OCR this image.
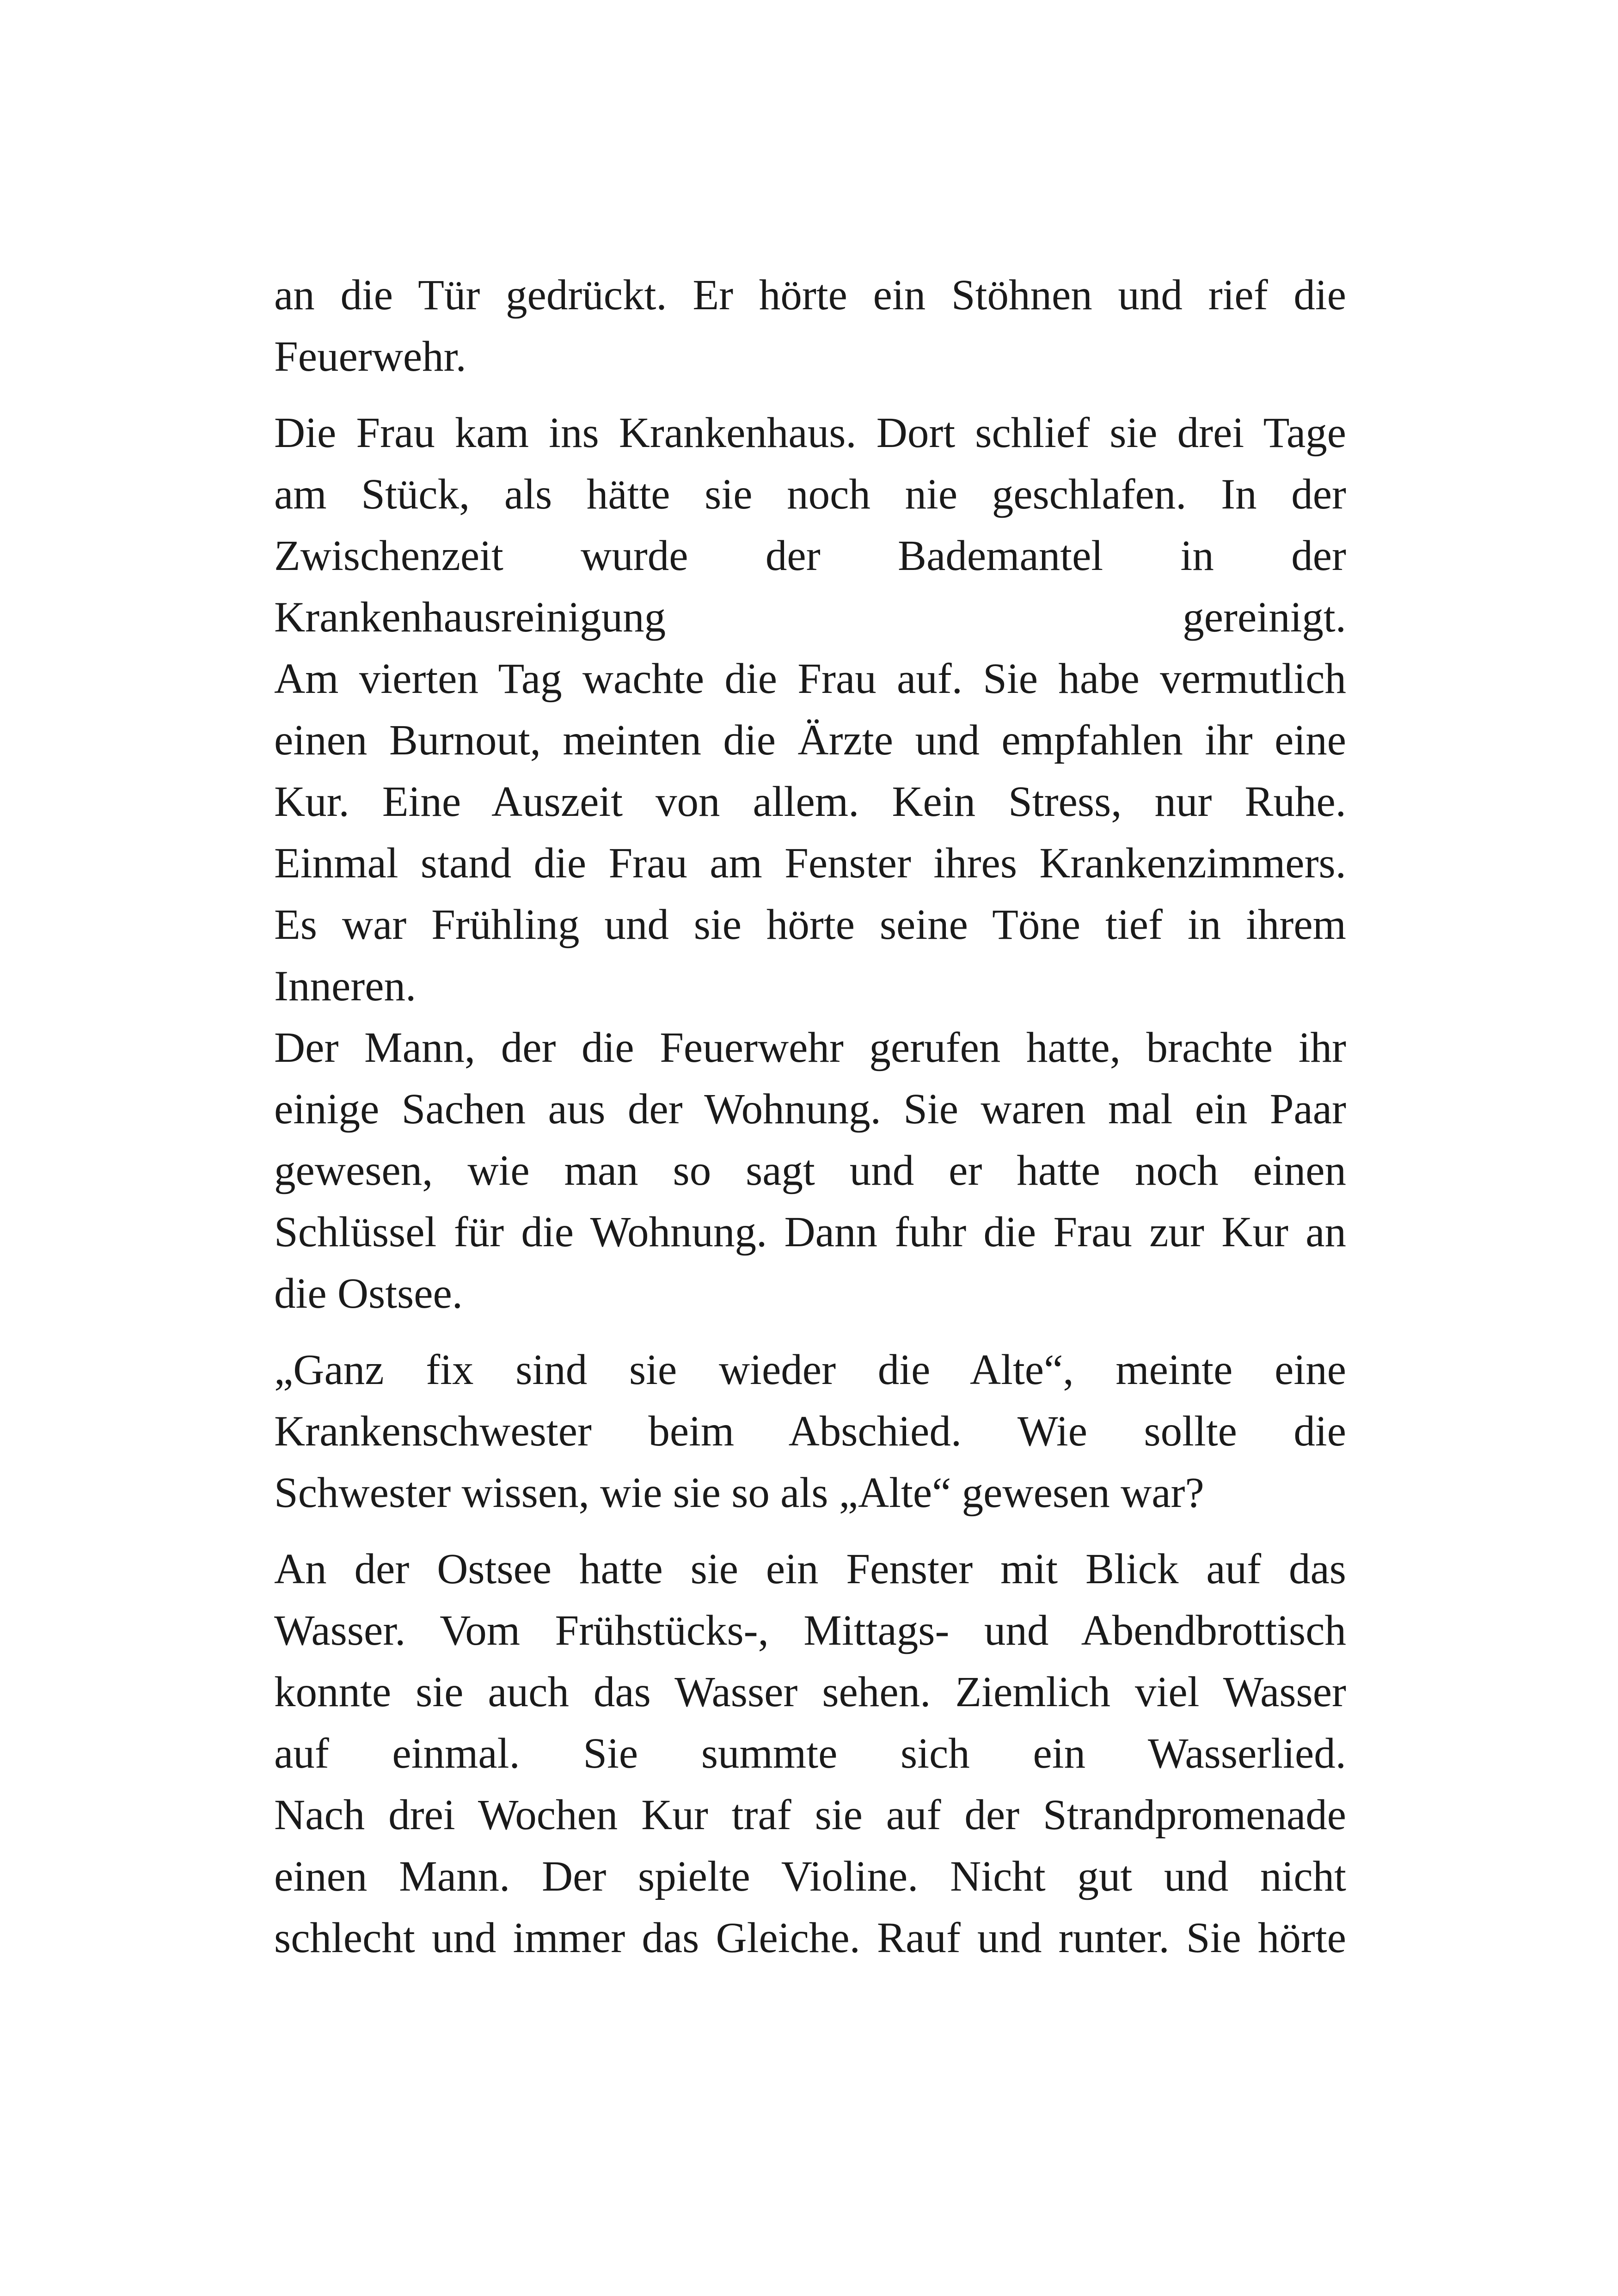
an die Tür gedrückt. Er hörte ein Stöhnen und rief die
Feuerwehr.
Die Frau kam ins Krankenhaus. Dort schlief sie drei Tage
am Stück, als hätte sie noch nie geschlafen. In der
Zwischenzeit wurde der Bademantel in der
Krankenhausreinigung gereinigt.
Am vierten Tag wachte die Frau auf. Sie habe vermutlich
einen Burnout, meinten die Ärzte und empfahlen ihr eine
Kur. Eine Auszeit von allem. Kein Stress, nur Ruhe.
Einmal stand die Frau am Fenster ihres Krankenzimmers.
Es war Frühling und sie hörte seine Töne tief in ihrem
Inneren.
Der Mann, der die Feuerwehr gerufen hatte, brachte ihr
einige Sachen aus der Wohnung. Sie waren mal ein Paar
gewesen, wie man so sagt und er hatte noch einen
Schlüssel für die Wohnung. Dann fuhr die Frau zur Kur an
die Ostsee.
„Ganz fix sind sie wieder die Alte“, meinte eine
Krankenschwester beim Abschied. Wie sollte die
Schwester wissen, wie sie so als „Alte“ gewesen war?
An der Ostsee hatte sie ein Fenster mit Blick auf das
Wasser. Vom Frühstücks-, Mittags- und Abendbrottisch
konnte sie auch das Wasser sehen. Ziemlich viel Wasser
auf einmal. Sie summte sich ein Wasserlied.
Nach drei Wochen Kur traf sie auf der Strandpromenade
einen Mann. Der spielte Violine. Nicht gut und nicht
schlecht und immer das Gleiche. Rauf und runter. Sie hörte
